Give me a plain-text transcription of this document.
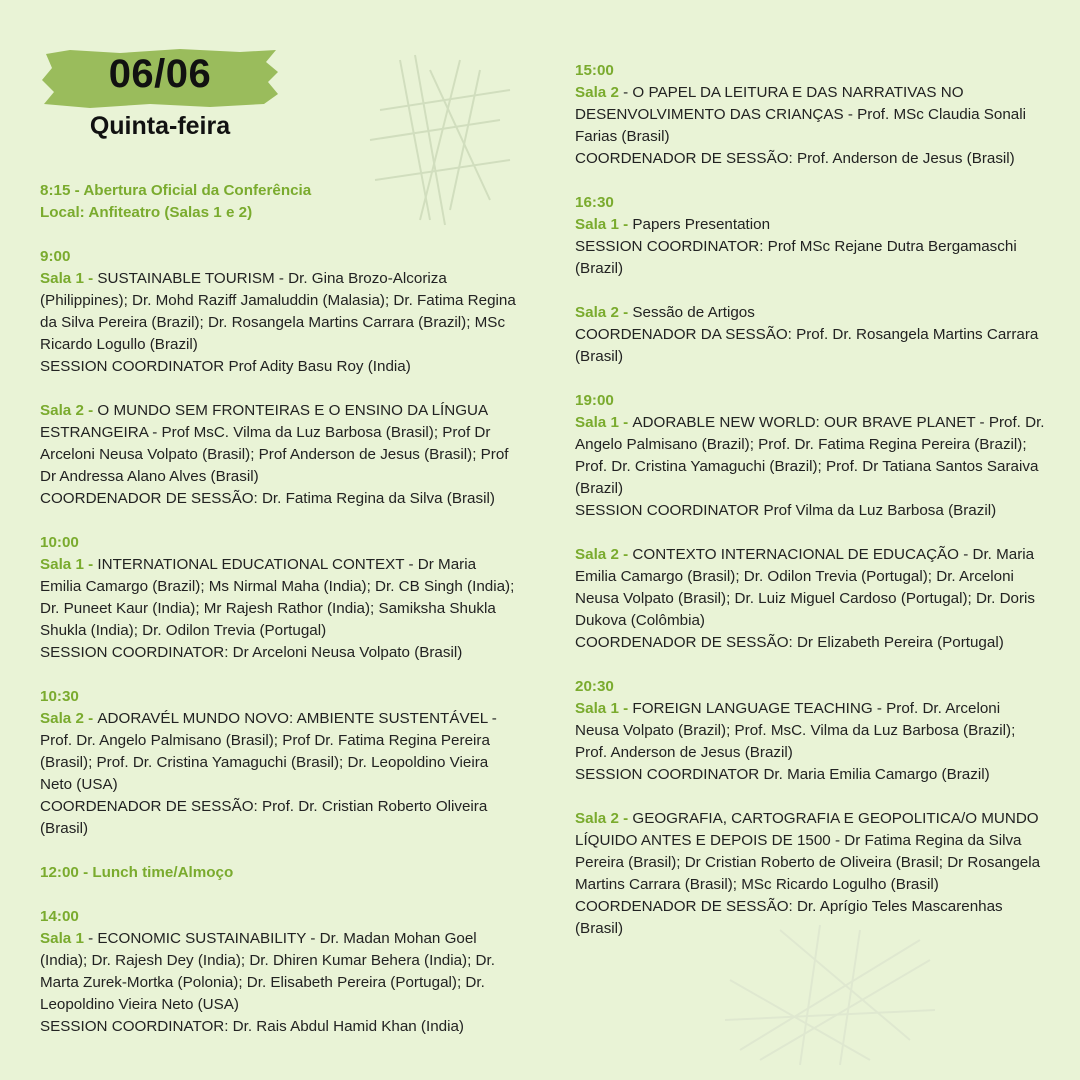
06/06
Quinta-feira
8:15 - Abertura Oficial da Conferência
Local: Anfiteatro (Salas 1 e 2)
9:00
Sala 1 - SUSTAINABLE TOURISM - Dr. Gina Brozo-Alcoriza (Philippines); Dr. Mohd Raziff Jamaluddin (Malasia); Dr. Fatima Regina da Silva Pereira (Brazil); Dr. Rosangela Martins Carrara (Brazil); MSc Ricardo Logullo (Brazil)
SESSION COORDINATOR Prof Adity Basu Roy (India)
Sala 2 - O MUNDO SEM FRONTEIRAS E O ENSINO DA LÍNGUA ESTRANGEIRA - Prof MsC. Vilma da Luz Barbosa (Brasil); Prof Dr Arceloni Neusa Volpato (Brasil); Prof Anderson de Jesus (Brasil); Prof Dr Andressa Alano Alves (Brasil)
COORDENADOR DE SESSÃO: Dr. Fatima Regina da Silva (Brasil)
10:00
Sala 1 - INTERNATIONAL EDUCATIONAL CONTEXT - Dr Maria Emilia Camargo (Brazil); Ms Nirmal Maha (India); Dr. CB Singh (India); Dr. Puneet Kaur (India); Mr Rajesh Rathor (India); Samiksha Shukla Shukla (India); Dr. Odilon Trevia (Portugal)
SESSION COORDINATOR: Dr Arceloni Neusa Volpato (Brasil)
10:30
Sala 2 - ADORAVÉL MUNDO NOVO: AMBIENTE SUSTENTÁVEL - Prof. Dr. Angelo Palmisano (Brasil); Prof Dr. Fatima Regina Pereira (Brasil); Prof. Dr. Cristina Yamaguchi (Brasil); Dr. Leopoldino Vieira Neto (USA)
COORDENADOR DE SESSÃO: Prof. Dr. Cristian Roberto Oliveira (Brasil)
12:00 - Lunch time/Almoço
14:00
Sala 1 - ECONOMIC SUSTAINABILITY - Dr. Madan Mohan Goel (India); Dr. Rajesh Dey (India); Dr. Dhiren Kumar Behera (India); Dr. Marta Zurek-Mortka (Polonia); Dr. Elisabeth Pereira (Portugal); Dr. Leopoldino Vieira Neto (USA)
SESSION COORDINATOR: Dr. Rais Abdul Hamid Khan (India)
15:00
Sala 2 - O PAPEL DA LEITURA E DAS NARRATIVAS NO DESENVOLVIMENTO DAS CRIANÇAS - Prof. MSc Claudia Sonali Farias (Brasil)
COORDENADOR DE SESSÃO: Prof. Anderson de Jesus (Brasil)
16:30
Sala 1 - Papers Presentation
SESSION COORDINATOR: Prof MSc Rejane Dutra Bergamaschi (Brazil)
Sala 2 - Sessão de Artigos
COORDENADOR DA SESSÃO: Prof. Dr. Rosangela Martins Carrara (Brasil)
19:00
Sala 1 - ADORABLE NEW WORLD: OUR BRAVE PLANET - Prof. Dr. Angelo Palmisano (Brazil); Prof. Dr. Fatima Regina Pereira (Brazil); Prof. Dr. Cristina Yamaguchi (Brazil); Prof. Dr Tatiana Santos Saraiva (Brazil)
SESSION COORDINATOR Prof Vilma da Luz Barbosa (Brazil)
Sala 2 - CONTEXTO INTERNACIONAL DE EDUCAÇÃO - Dr. Maria Emilia Camargo (Brasil); Dr. Odilon Trevia (Portugal); Dr. Arceloni Neusa Volpato (Brasil); Dr. Luiz Miguel Cardoso (Portugal); Dr. Doris Dukova (Colômbia)
COORDENADOR DE SESSÃO: Dr Elizabeth Pereira (Portugal)
20:30
Sala 1 - FOREIGN LANGUAGE TEACHING - Prof. Dr. Arceloni Neusa Volpato (Brazil); Prof. MsC. Vilma da Luz Barbosa (Brazil); Prof. Anderson de Jesus (Brazil)
SESSION COORDINATOR Dr. Maria Emilia Camargo (Brazil)
Sala 2 - GEOGRAFIA, CARTOGRAFIA E GEOPOLITICA/O MUNDO LÍQUIDO ANTES E DEPOIS DE 1500 - Dr Fatima Regina da Silva Pereira (Brasil); Dr Cristian Roberto de Oliveira (Brasil; Dr Rosangela Martins Carrara (Brasil); MSc Ricardo Logulho (Brasil)
COORDENADOR DE SESSÃO: Dr. Aprígio Teles Mascarenhas (Brasil)
